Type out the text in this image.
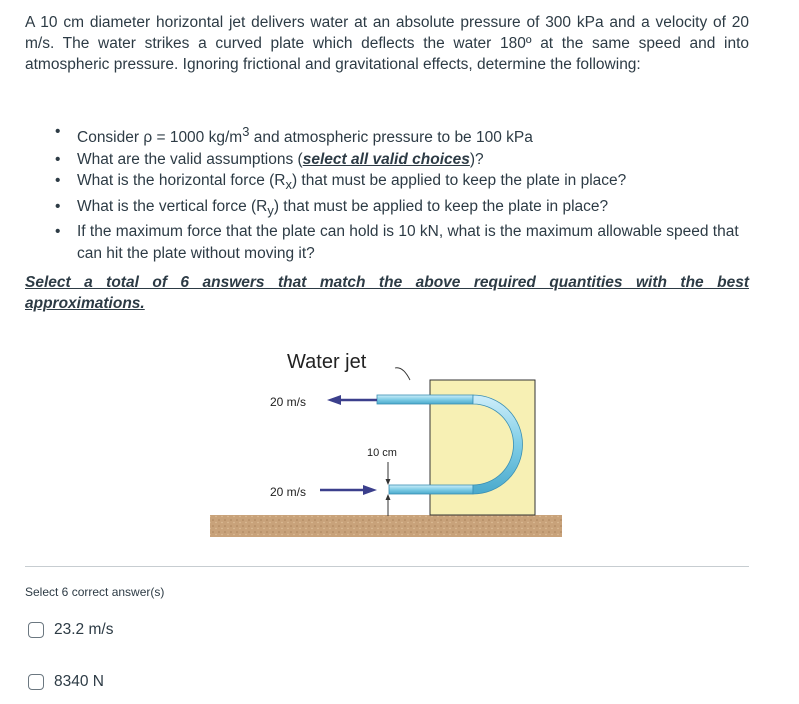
A 10 cm diameter horizontal jet delivers water at an absolute pressure of 300 kPa and a velocity of 20 m/s. The water strikes a curved plate which deflects the water 180º at the same speed and into atmospheric pressure. Ignoring frictional and gravitational effects, determine the following:
• Consider ρ = 1000 $kg/m^3$ and atmospheric pressure to be 100 kPa
• What are the valid assumptions (select all valid choices)?
• What is the horizontal force $(R_x)$ that must be applied to keep the plate in place?
• What is the vertical force $(R_y)$ that must be applied to keep the plate in place?
• If the maximum force that the plate can hold is 10 kN, what is the maximum allowable speed that can hit the plate without moving it?
Select a total of 6 answers that match the above required quantities with the best
approximations.
Water jet
20 m/s
20 m/s
10 cm
Select 6 correct answer(s)
23.2 m/s
8340 N
